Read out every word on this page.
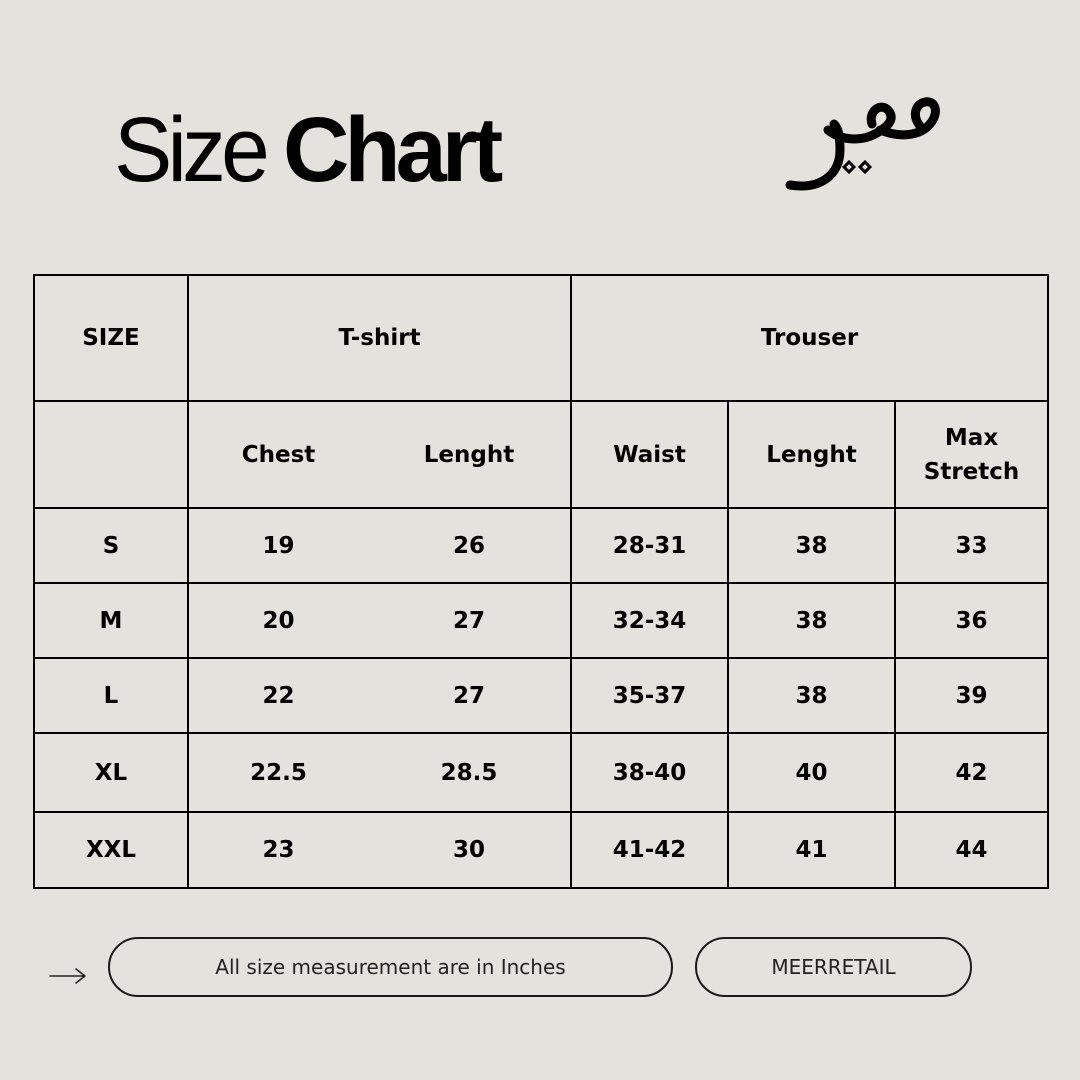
Size Chart
SIZE	T-shirt		Trouser		
	Chest	Lenght	Waist	Lenght	Max
Stretch
S	19	26	28-31	38	33
M	20	27	32-34	38	36
L	22	27	35-37	38	39
XL	22.5	28.5	38-40	40	42
XXL	23	30	41-42	41	44
All size measurement are in Inches	MEERRETAIL
